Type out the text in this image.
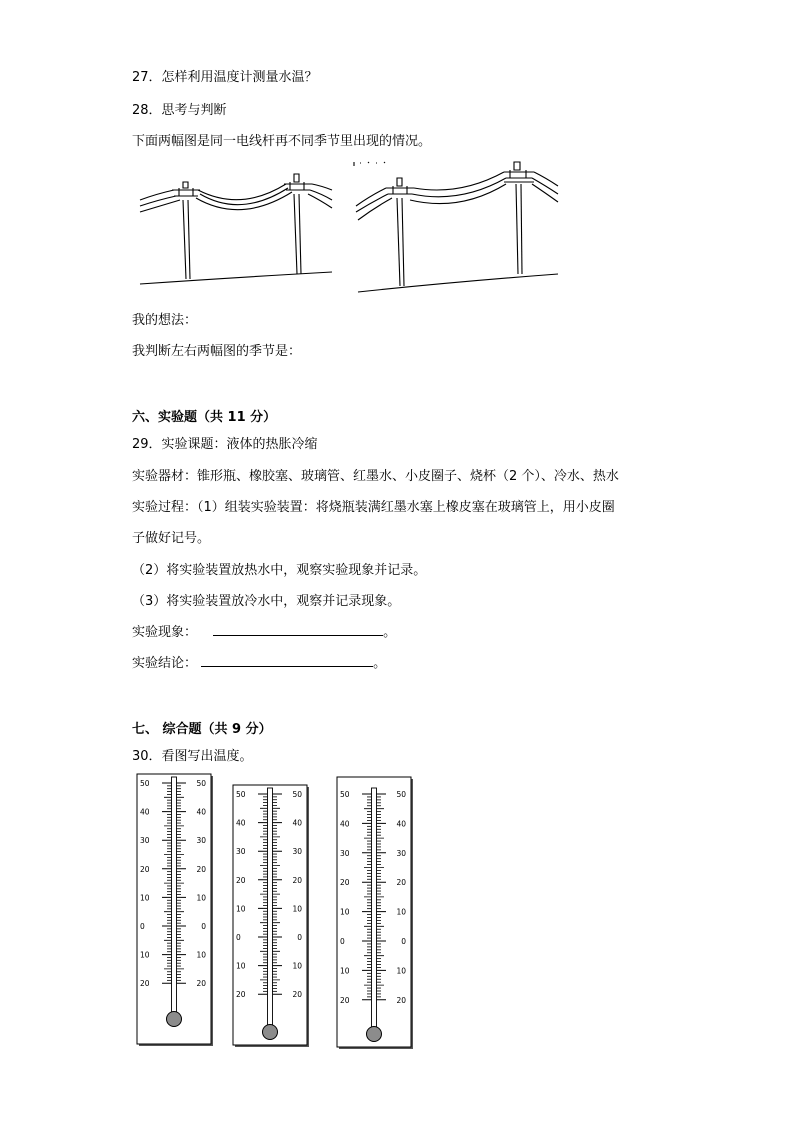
27．怎样利用温度计测量水温？
28．思考与判断
下面两幅图是同一电线杆再不同季节里出现的情况。
我的想法：
我判断左右两幅图的季节是：
六、实验题（共 11 分）
29．实验课题：液体的热胀冷缩
实验器材：锥形瓶、橡胶塞、玻璃管、红墨水、小皮圈子、烧杯（2 个）、冷水、热水
实验过程：（1）组装实验装置：将烧瓶装满红墨水塞上橡皮塞在玻璃管上，用小皮圈
子做好记号。
（2）将实验装置放热水中，观察实验现象并记录。
（3）将实验装置放冷水中，观察并记录现象。
实验现象：	。
实验结论：	。
七、 综合题（共 9 分）
30．看图写出温度。
50	50
40	40
30	30
20	20
10	10
0	0
10	10
20	20
50	50
40	40
30	30
20	20
10	10
0	0
10	10
20	20
50	50
40	40
30	30
20	20
10	10
0	0
10	10
20	20
